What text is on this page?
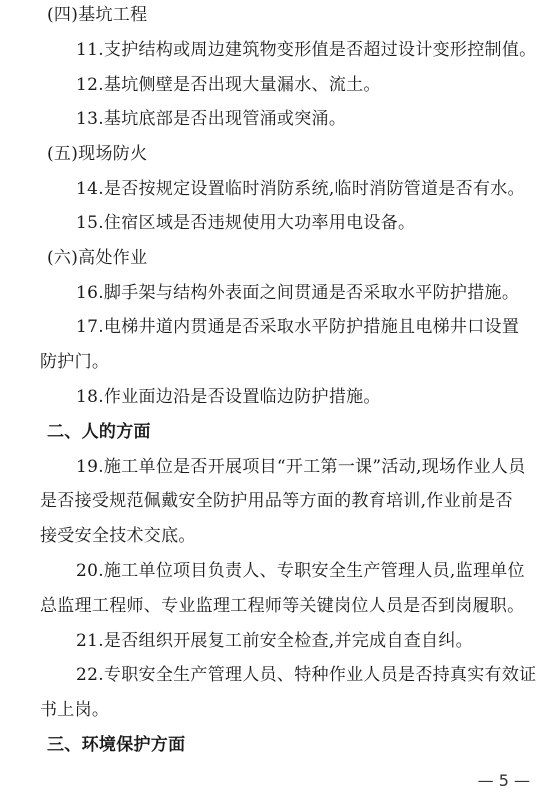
(四)基坑工程
11.支护结构或周边建筑物变形值是否超过设计变形控制值。
12.基坑侧壁是否出现大量漏水、流土。
13.基坑底部是否出现管涌或突涌。
(五)现场防火
14.是否按规定设置临时消防系统,临时消防管道是否有水。
15.住宿区域是否违规使用大功率用电设备。
(六)高处作业
16.脚手架与结构外表面之间贯通是否采取水平防护措施。
17.电梯井道内贯通是否采取水平防护措施且电梯井口设置
防护门。
18.作业面边沿是否设置临边防护措施。
二、人的方面
19.施工单位是否开展项目“开工第一课”活动,现场作业人员
是否接受规范佩戴安全防护用品等方面的教育培训,作业前是否
接受安全技术交底。
20.施工单位项目负责人、专职安全生产管理人员,监理单位
总监理工程师、专业监理工程师等关键岗位人员是否到岗履职。
21.是否组织开展复工前安全检查,并完成自查自纠。
22.专职安全生产管理人员、特种作业人员是否持真实有效证
书上岗。
三、环境保护方面
— 5 —
